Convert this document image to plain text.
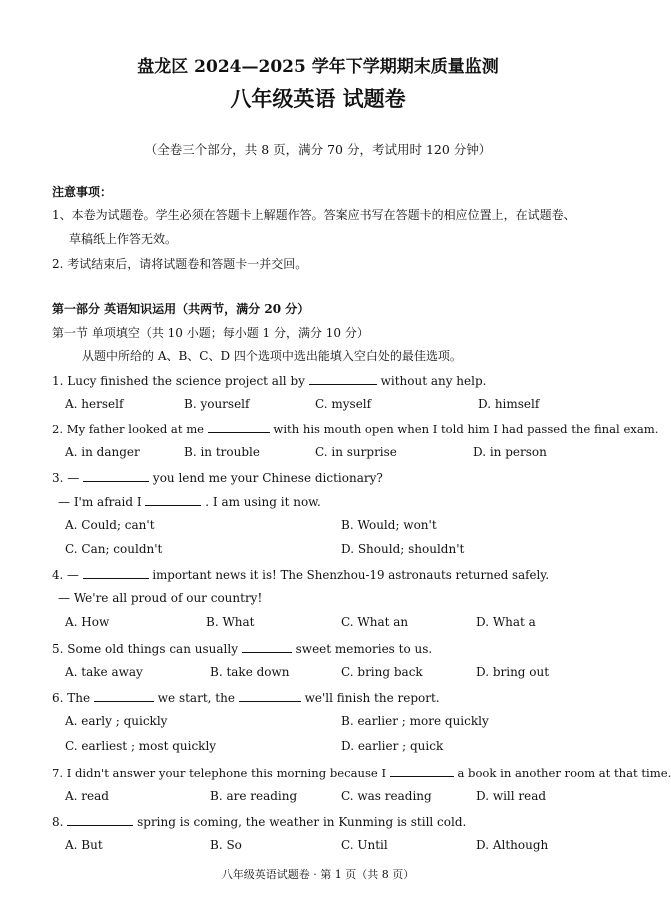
盘龙区 2024—2025 学年下学期期末质量监测
八年级英语 试题卷
（全卷三个部分，共 8 页，满分 70 分，考试用时 120 分钟）
注意事项：
1、本卷为试题卷。学生必须在答题卡上解题作答。答案应书写在答题卡的相应位置上，在试题卷、
草稿纸上作答无效。
2. 考试结束后，请将试题卷和答题卡一并交回。
第一部分 英语知识运用（共两节，满分 20 分）
第一节 单项填空（共 10 小题；每小题 1 分，满分 10 分）
从题中所给的 A、B、C、D 四个选项中选出能填入空白处的最佳选项。
1. Lucy finished the science project all by	without any help.
A. herself	B. yourself	C. myself	D. himself
2. My father looked at me	with his mouth open when I told him I had passed the final exam.
A. in danger	B. in trouble	C. in surprise	D. in person
3. —	you lend me your Chinese dictionary?
— I'm afraid I	. I am using it now.
A. Could; can't	B. Would; won't
C. Can; couldn't	D. Should; shouldn't
4. —	important news it is! The Shenzhou-19 astronauts returned safely.
— We're all proud of our country!
A. How	B. What	C. What an	D. What a
5. Some old things can usually	sweet memories to us.
A. take away	B. take down	C. bring back	D. bring out
6. The	we start, the	we'll finish the report.
A. early ; quickly	B. earlier ; more quickly
C. earliest ; most quickly	D. earlier ; quick
7. I didn't answer your telephone this morning because I	a book in another room at that time.
A. read	B. are reading	C. was reading	D. will read
8.	spring is coming, the weather in Kunming is still cold.
A. But	B. So	C. Until	D. Although
八年级英语试题卷 · 第 1 页（共 8 页）
